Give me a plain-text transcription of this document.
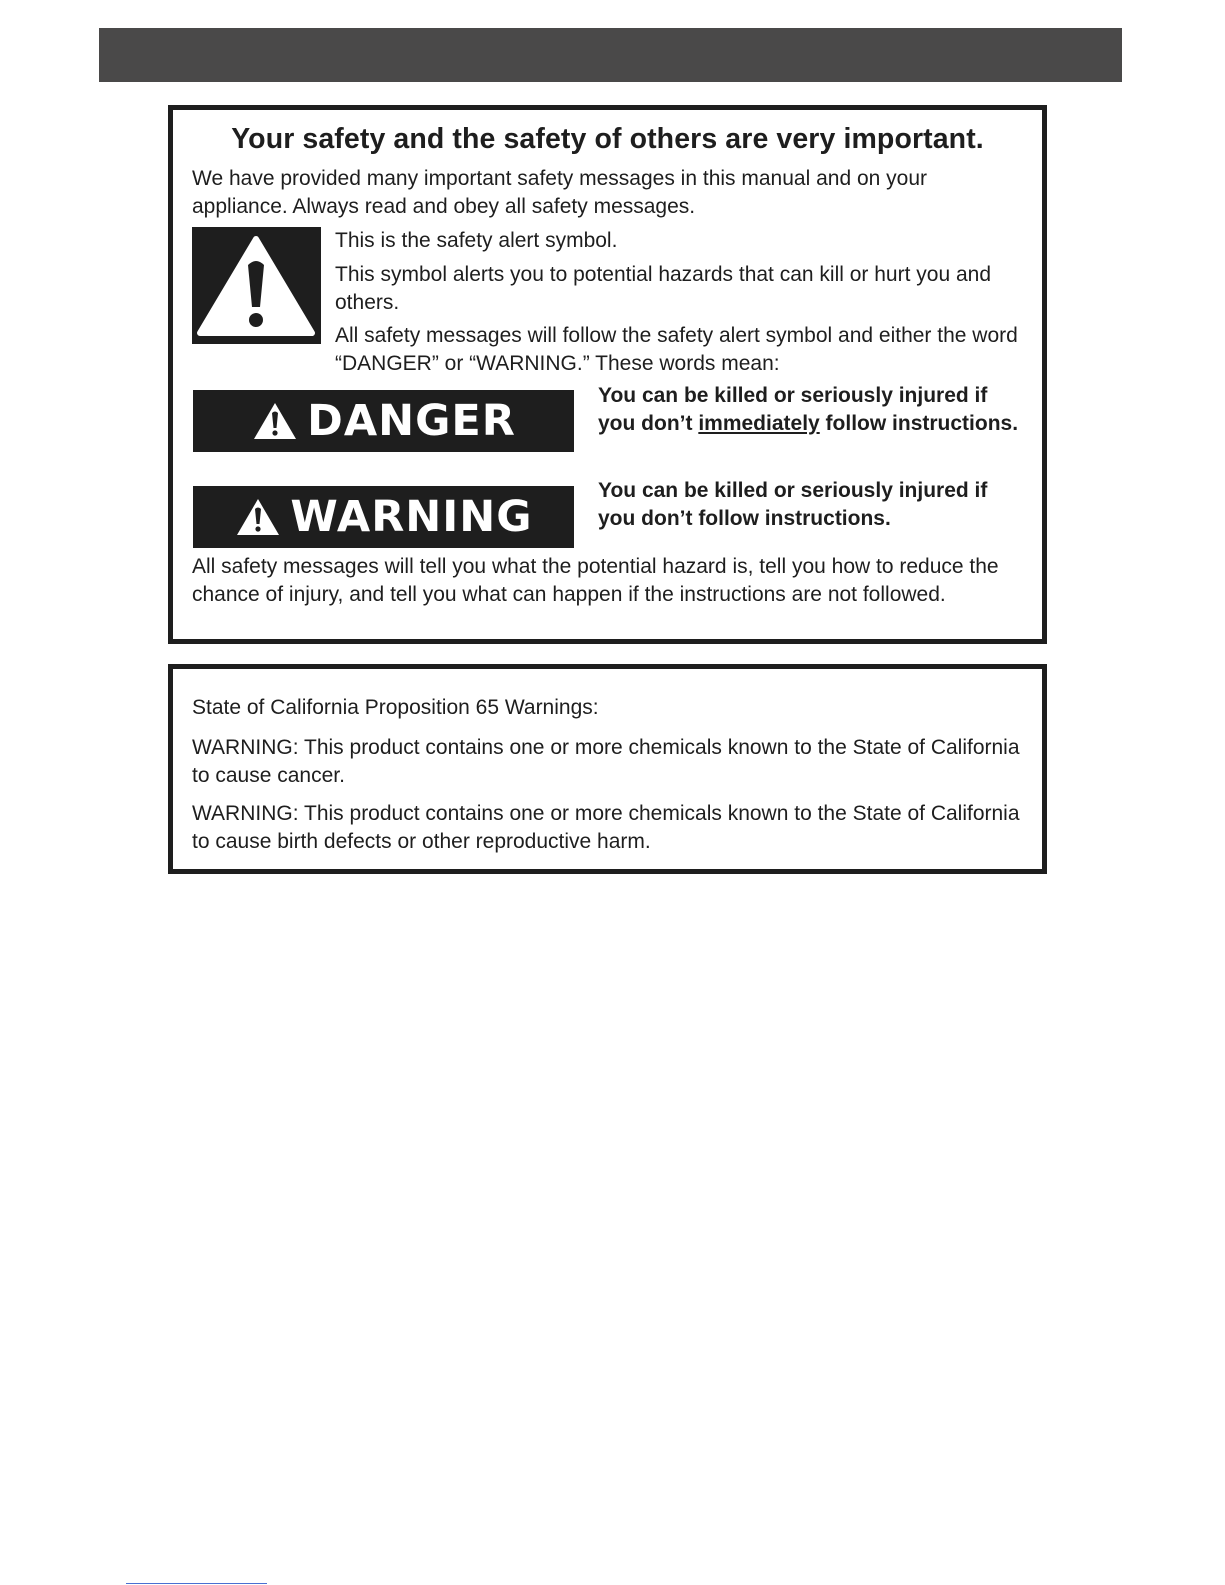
Your safety and the safety of others are very important.
We have provided many important safety messages in this manual and on your appliance. Always read and obey all safety messages.
This is the safety alert symbol.
This symbol alerts you to potential hazards that can kill or hurt you and others.
All safety messages will follow the safety alert symbol and either the word “DANGER” or “WARNING.” These words mean:
DANGER
You can be killed or seriously injured if you don’t immediately follow instructions.
WARNING
You can be killed or seriously injured if you don’t follow instructions.
All safety messages will tell you what the potential hazard is, tell you how to reduce the chance of injury, and tell you what can happen if the instructions are not followed.
State of California Proposition 65 Warnings:
WARNING: This product contains one or more chemicals known to the State of California to cause cancer.
WARNING: This product contains one or more chemicals known to the State of California to cause birth defects or other reproductive harm.
